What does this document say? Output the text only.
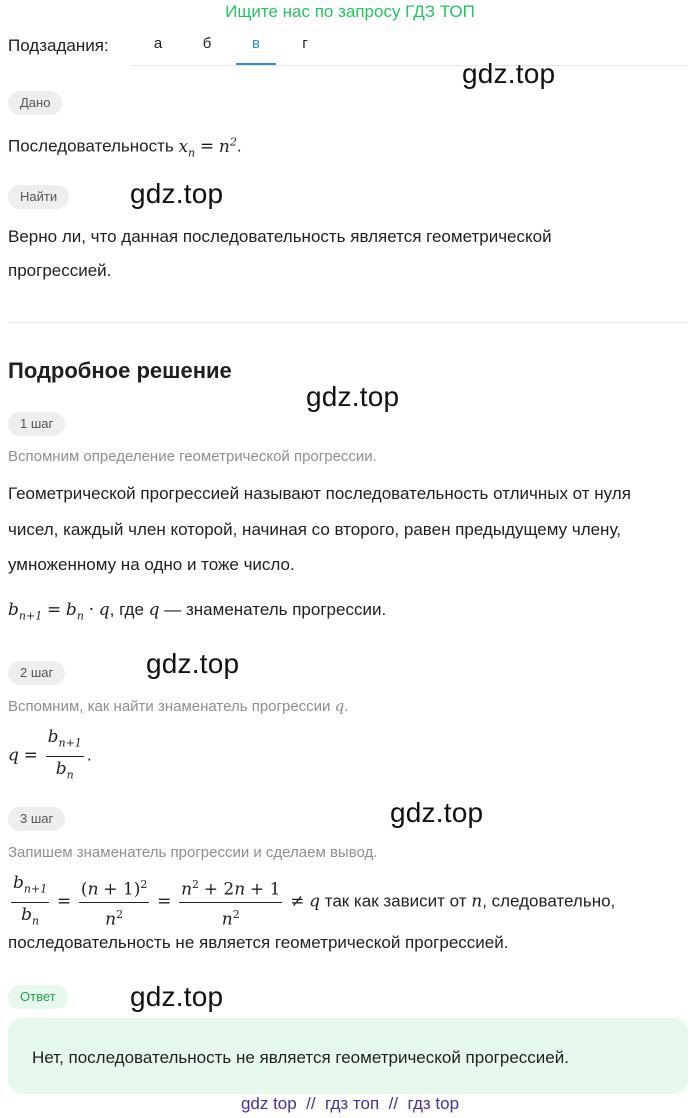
Ищите нас по запросу ГДЗ ТОП
Подзадания:	а	б	в	г
gdz.top
gdz.top
gdz.top
gdz.top
gdz.top
gdz.top
Дано
Последовательность $x_n = n^2$.
Найти
Верно ли, что данная последовательность является геометрической
прогрессией.
Подробное решение
1 шаг
Вспомним определение геометрической прогрессии.
Геометрической прогрессией называют последовательность отличных от нуля
чисел, каждый член которой, начиная со второго, равен предыдущему члену,
умноженному на одно и тоже число.
$b_{n+1} = b_n \cdot q$, где q — знаменатель прогрессии.
2 шаг
Вспомним, как найти знаменатель прогрессии q.
$q = \frac{b_{n+1}}{b_n}$ .
3 шаг
Запишем знаменатель прогрессии и сделаем вывод.
$\frac{b_{n+1}}{b_n} = \frac{(n + 1)^2}{n^2} = \frac{n^2 + 2n + 1}{n^2} \ne q$ так как зависит от n, следовательно,
последовательность не является геометрической прогрессией.
Ответ
Нет, последовательность не является геометрической прогрессией.
gdz top  //  гдз топ  //  гдз top
